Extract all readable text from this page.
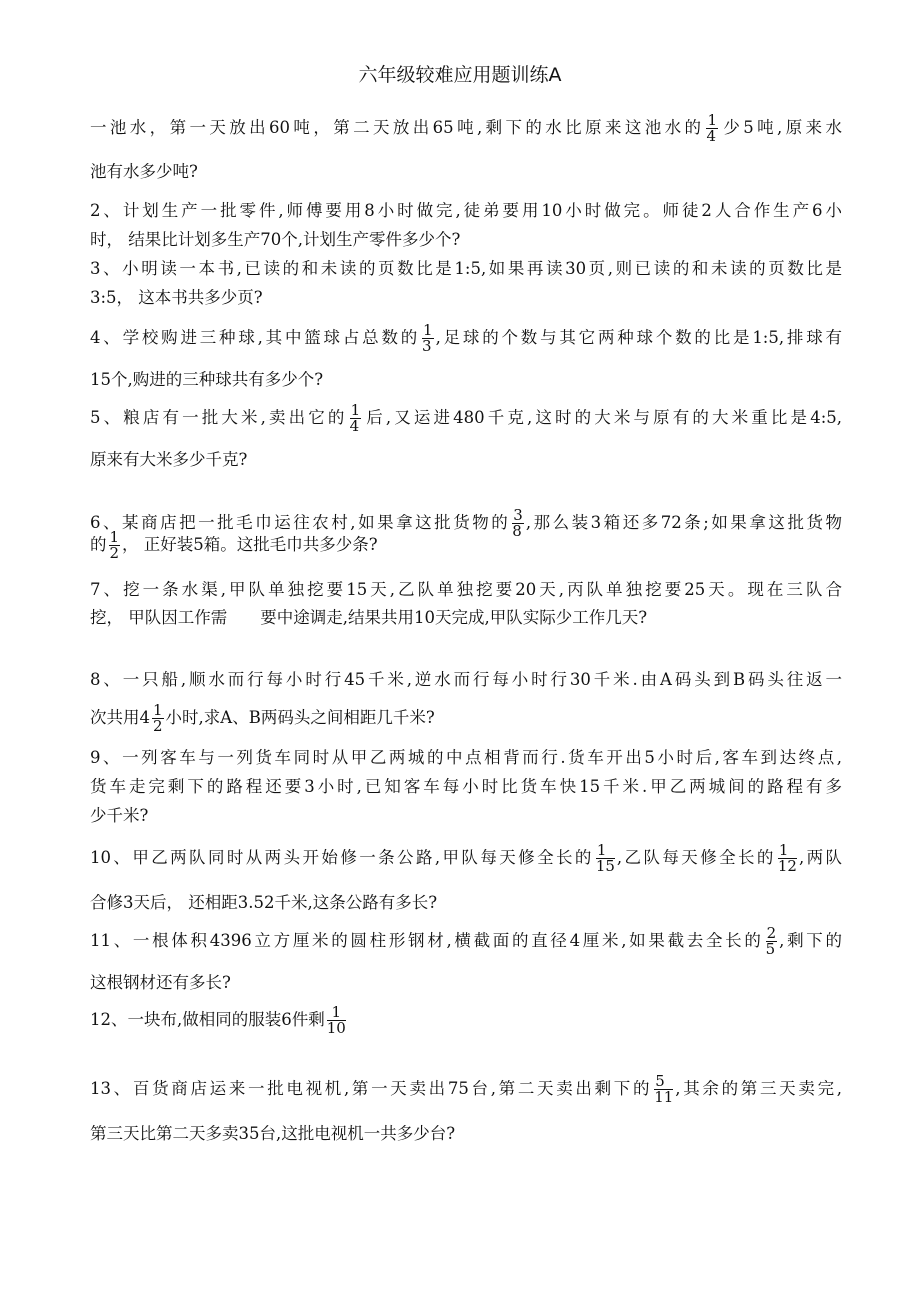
六年级较难应用题训练A
一池水，第一天放出60吨，第二天放出65吨,剩下的水比原来这池水的 $\frac{1}{4}$ 少5吨,原来水
池有水多少吨?
2、计划生产一批零件,师傅要用8小时做完,徒弟要用10小时做完。师徒2人合作生产6小
时， 结果比计划多生产70个,计划生产零件多少个?
3、小明读一本书,已读的和未读的页数比是1:5,如果再读30页,则已读的和未读的页数比是
3:5， 这本书共多少页?
4、学校购进三种球,其中篮球占总数的 $\frac{1}{3}$ ,足球的个数与其它两种球个数的比是1:5,排球有
15个,购进的三种球共有多少个?
5、粮店有一批大米,卖出它的 $\frac{1}{4}$ 后,又运进480千克,这时的大米与原有的大米重比是4:5,
原来有大米多少千克?
6、某商店把一批毛巾运往农村,如果拿这批货物的 $\frac{3}{8}$ ,那么装3箱还多72条;如果拿这批货物
的 $\frac{1}{2}$ ， 正好装5箱。这批毛巾共多少条?
7、挖一条水渠,甲队单独挖要15天,乙队单独挖要20天,丙队单独挖要25天。现在三队合
挖， 甲队因工作需　　要中途调走,结果共用10天完成,甲队实际少工作几天?
8、一只船,顺水而行每小时行45千米,逆水而行每小时行30千米.由A码头到B码头往返一
次共用$4 \frac{1}{2}$ 小时,求A、B两码头之间相距几千米?
9、一列客车与一列货车同时从甲乙两城的中点相背而行.货车开出5小时后,客车到达终点,
货车走完剩下的路程还要3小时,已知客车每小时比货车快15千米.甲乙两城间的路程有多
少千米?
10、甲乙两队同时从两头开始修一条公路,甲队每天修全长的 $\frac{1}{15}$ ,乙队每天修全长的 $\frac{1}{12}$ ,两队
合修3天后， 还相距3.52千米,这条公路有多长?
11、一根体积4396立方厘米的圆柱形钢材,横截面的直径4厘米,如果截去全长的 $\frac{2}{5}$ ,剩下的
这根钢材还有多长?
12、一块布,做相同的服装6件剩 $\frac{1}{10}$
13、百货商店运来一批电视机,第一天卖出75台,第二天卖出剩下的 $\frac{5}{11}$ ,其余的第三天卖完,
第三天比第二天多卖35台,这批电视机一共多少台?
